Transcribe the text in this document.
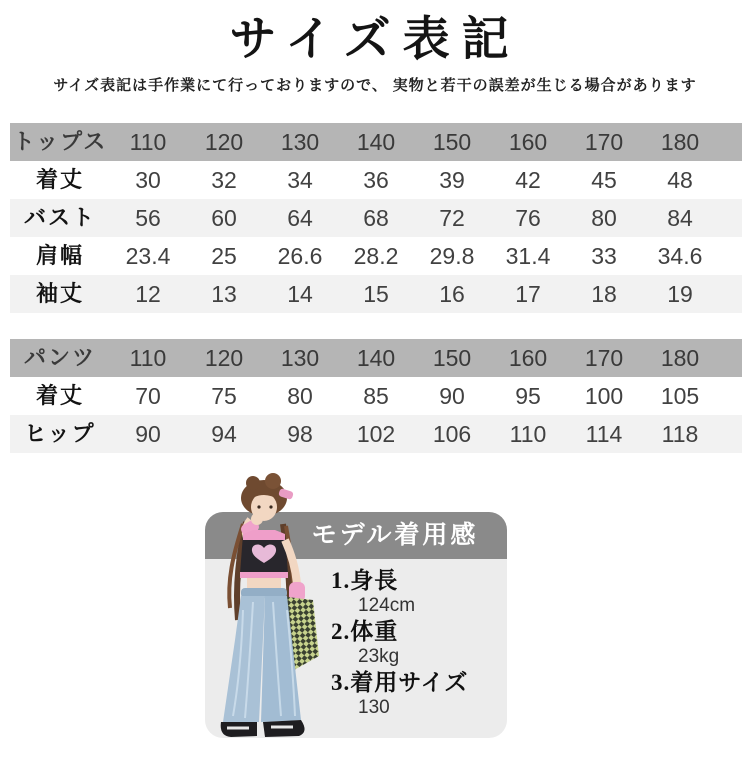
サイズ表記

サイズ表記は手作業にて行っておりますので、 実物と若干の誤差が生じる場合があります

トップス 110	120	130	140	150	160	170	180
着丈	30	32	34	36	39	42	45	48
バスト	56	60	64	68	72	76	80	84
肩幅	23.4	25	26.6	28.2	29.8	31.4	33	34.6
袖丈	12	13	14	15	16	17	18	19
パンツ	110	120	130	140	150	160	170	180
着丈	70	75	80	85	90	95	100	105
ヒップ	90	94	98	102	106	110	114	118
モデル着用感
1.身長
124cm
2.体重
23kg
3.着用サイズ
130
